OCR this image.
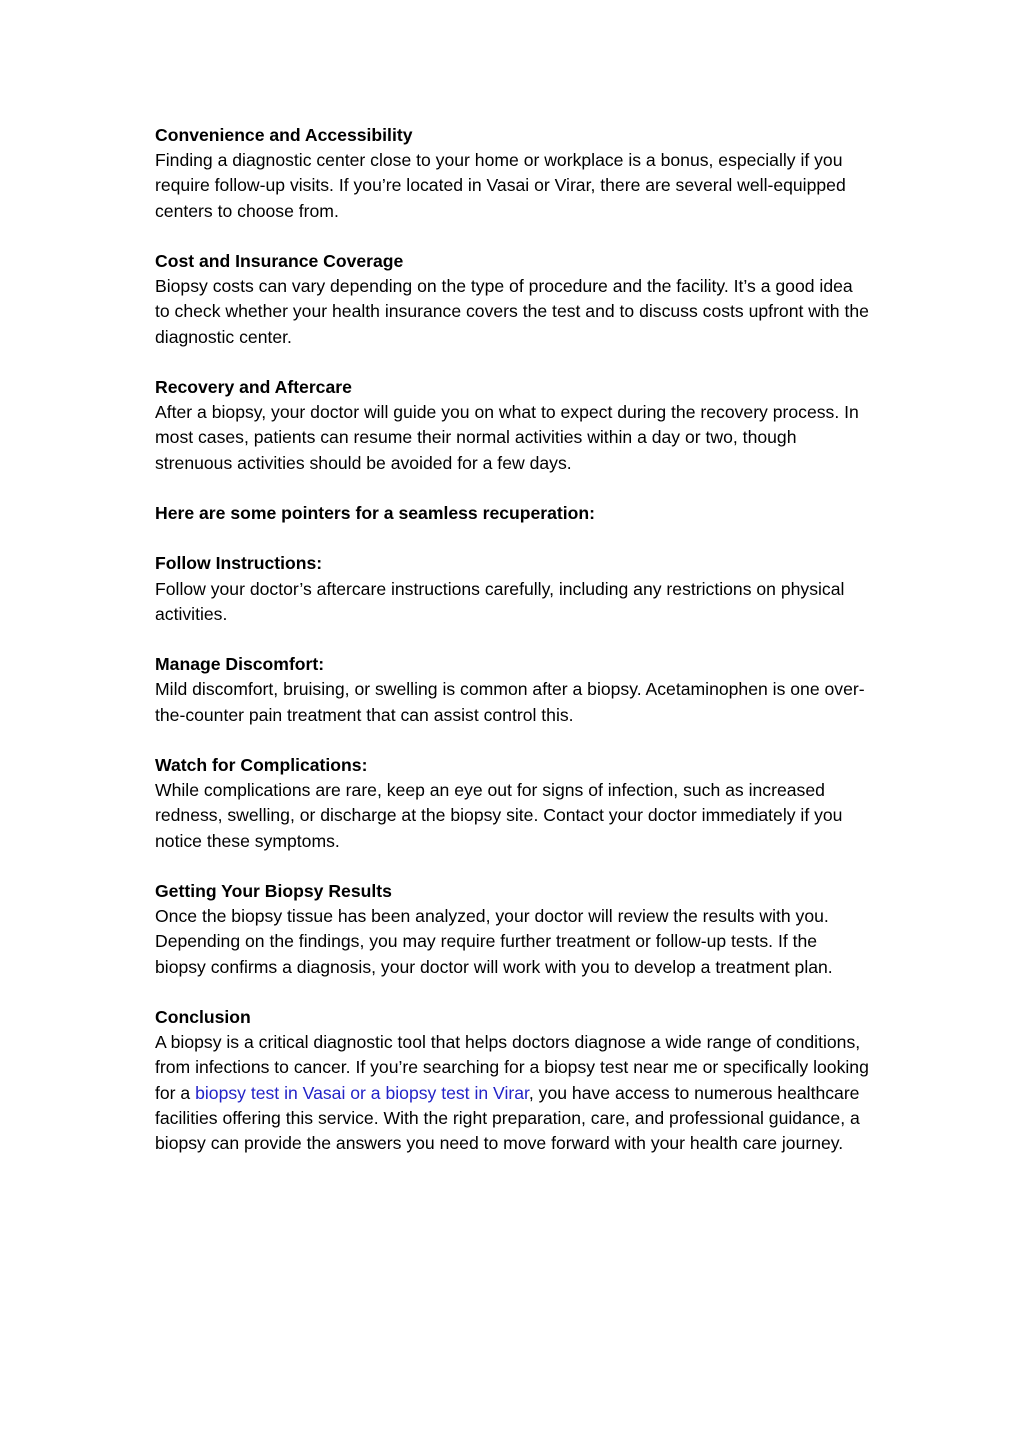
Convenience and Accessibility
Finding a diagnostic center close to your home or workplace is a bonus, especially if you require follow-up visits. If you’re located in Vasai or Virar, there are several well-equipped centers to choose from.
Cost and Insurance Coverage
Biopsy costs can vary depending on the type of procedure and the facility. It’s a good idea to check whether your health insurance covers the test and to discuss costs upfront with the diagnostic center.
Recovery and Aftercare
After a biopsy, your doctor will guide you on what to expect during the recovery process. In most cases, patients can resume their normal activities within a day or two, though strenuous activities should be avoided for a few days.
Here are some pointers for a seamless recuperation:
Follow Instructions:
Follow your doctor’s aftercare instructions carefully, including any restrictions on physical activities.
Manage Discomfort:
Mild discomfort, bruising, or swelling is common after a biopsy. Acetaminophen is one over-the-counter pain treatment that can assist control this.
Watch for Complications:
While complications are rare, keep an eye out for signs of infection, such as increased redness, swelling, or discharge at the biopsy site. Contact your doctor immediately if you notice these symptoms.
Getting Your Biopsy Results
Once the biopsy tissue has been analyzed, your doctor will review the results with you. Depending on the findings, you may require further treatment or follow-up tests. If the biopsy confirms a diagnosis, your doctor will work with you to develop a treatment plan.
Conclusion
A biopsy is a critical diagnostic tool that helps doctors diagnose a wide range of conditions, from infections to cancer. If you’re searching for a biopsy test near me or specifically looking for a biopsy test in Vasai or a biopsy test in Virar, you have access to numerous healthcare facilities offering this service. With the right preparation, care, and professional guidance, a biopsy can provide the answers you need to move forward with your health care journey.
